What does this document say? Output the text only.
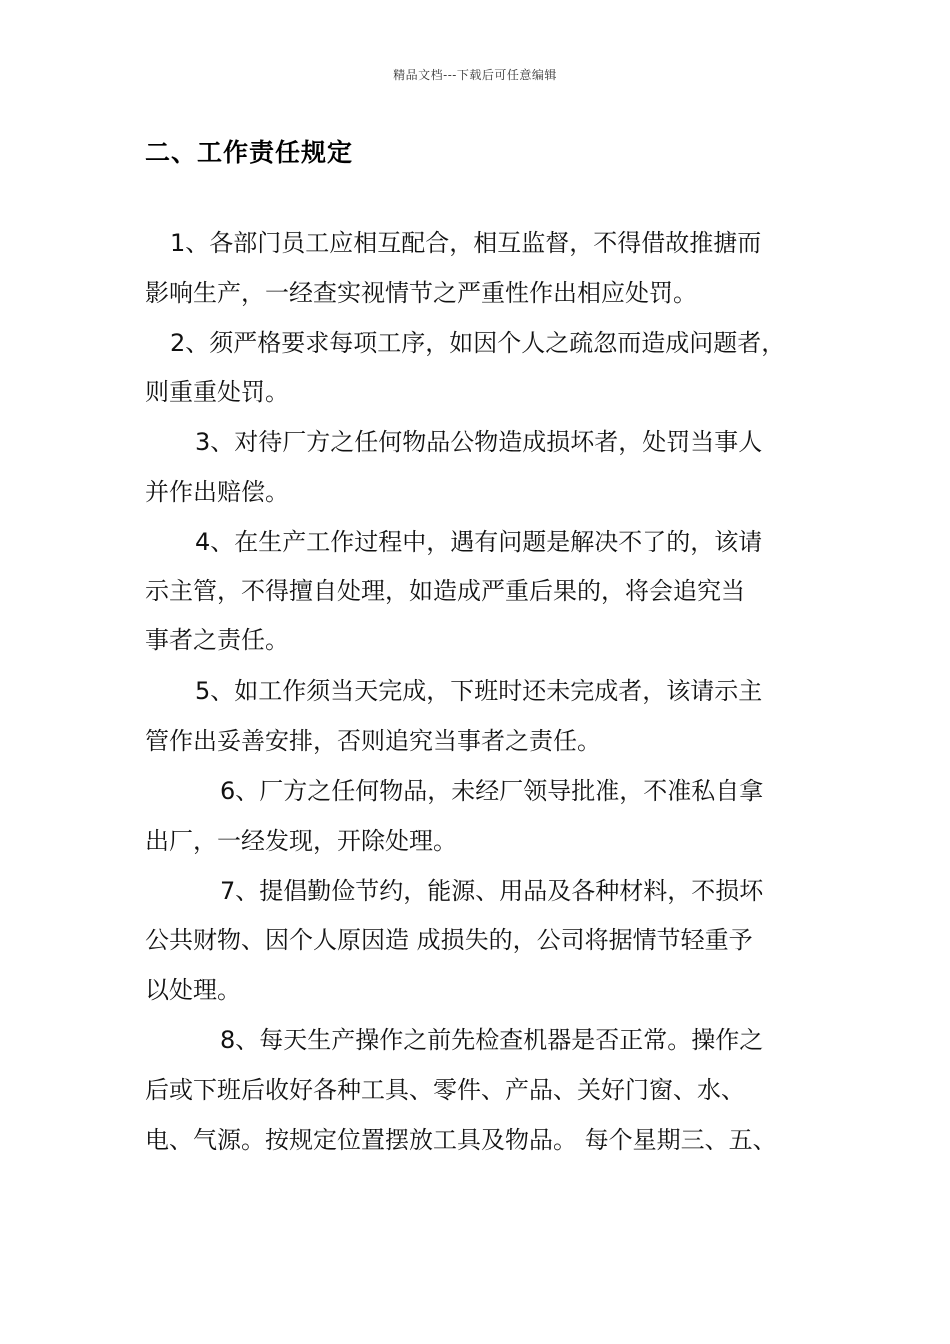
精品文档---下载后可任意编辑
二、工作责任规定
1、各部门员工应相互配合，相互监督，不得借故推搪而
影响生产，一经查实视情节之严重性作出相应处罚。
2、须严格要求每项工序，如因个人之疏忽而造成问题者，
则重重处罚。
3、对待厂方之任何物品公物造成损坏者，处罚当事人
并作出赔偿。
4、在生产工作过程中，遇有问题是解决不了的，该请
示主管，不得擅自处理，如造成严重后果的，将会追究当
事者之责任。
5、如工作须当天完成，下班时还未完成者，该请示主
管作出妥善安排，否则追究当事者之责任。
6、厂方之任何物品，未经厂领导批准，不准私自拿
出厂，一经发现，开除处理。
7、提倡勤俭节约，能源、用品及各种材料，不损坏
公共财物、因个人原因造 成损失的，公司将据情节轻重予
以处理。
8、每天生产操作之前先检查机器是否正常。操作之
后或下班后收好各种工具、零件、产品、关好门窗、水、
电、气源。按规定位置摆放工具及物品。 每个星期三、五、
